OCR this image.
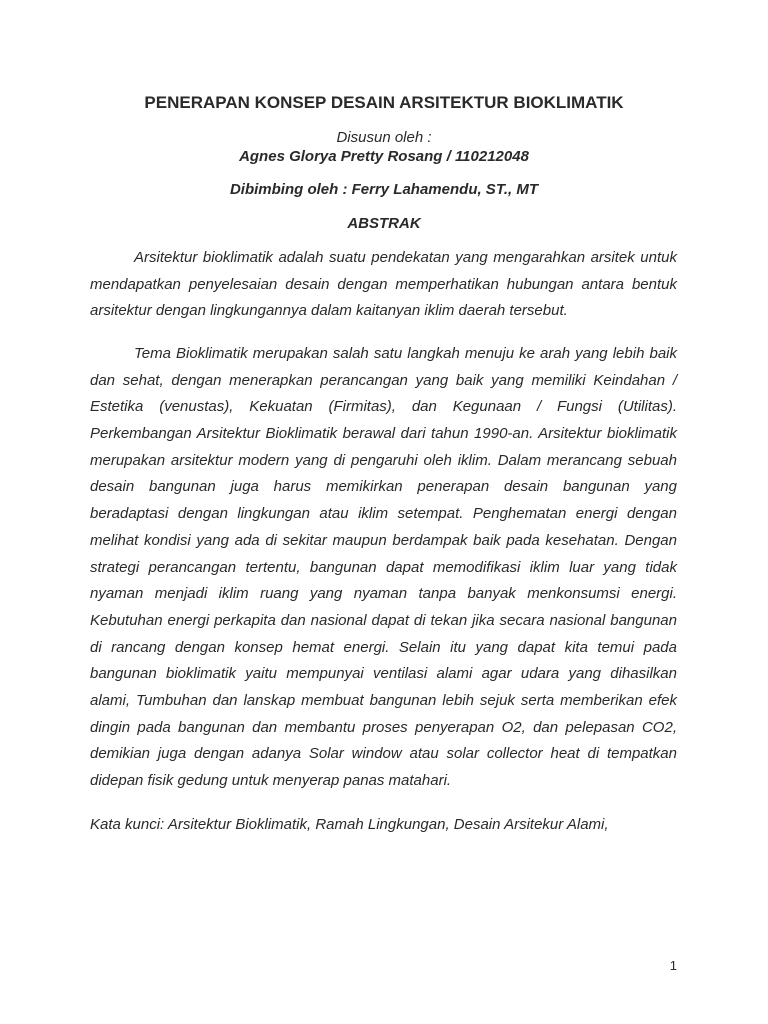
PENERAPAN KONSEP DESAIN ARSITEKTUR BIOKLIMATIK
Disusun oleh :
Agnes Glorya Pretty Rosang / 110212048
Dibimbing oleh : Ferry Lahamendu, ST., MT
ABSTRAK
Arsitektur bioklimatik adalah suatu pendekatan yang mengarahkan arsitek untuk
mendapatkan penyelesaian desain dengan memperhatikan hubungan antara bentuk
arsitektur dengan lingkungannya dalam kaitanyan iklim daerah tersebut.
Tema Bioklimatik merupakan salah satu langkah menuju ke arah yang lebih baik
dan sehat, dengan menerapkan perancangan yang baik yang memiliki Keindahan /
Estetika (venustas), Kekuatan (Firmitas), dan Kegunaan / Fungsi (Utilitas).
Perkembangan Arsitektur Bioklimatik berawal dari tahun 1990-an. Arsitektur bioklimatik
merupakan arsitektur modern yang di pengaruhi oleh iklim. Dalam merancang sebuah
desain bangunan juga harus memikirkan penerapan desain bangunan yang
beradaptasi dengan lingkungan atau iklim setempat. Penghematan energi dengan
melihat kondisi yang ada di sekitar maupun berdampak baik pada kesehatan. Dengan
strategi perancangan tertentu, bangunan dapat memodifikasi iklim luar yang tidak
nyaman menjadi iklim ruang yang nyaman tanpa banyak menkonsumsi energi.
Kebutuhan energi perkapita dan nasional dapat di tekan jika secara nasional bangunan
di rancang dengan konsep hemat energi. Selain itu yang dapat kita temui pada
bangunan bioklimatik yaitu mempunyai ventilasi alami agar udara yang dihasilkan
alami, Tumbuhan dan lanskap membuat bangunan lebih sejuk serta memberikan efek
dingin pada bangunan dan membantu proses penyerapan O2, dan pelepasan CO2,
demikian juga dengan adanya Solar window atau solar collector heat di tempatkan
didepan fisik gedung untuk menyerap panas matahari.
Kata kunci: Arsitektur Bioklimatik, Ramah Lingkungan, Desain Arsitekur Alami,
1
